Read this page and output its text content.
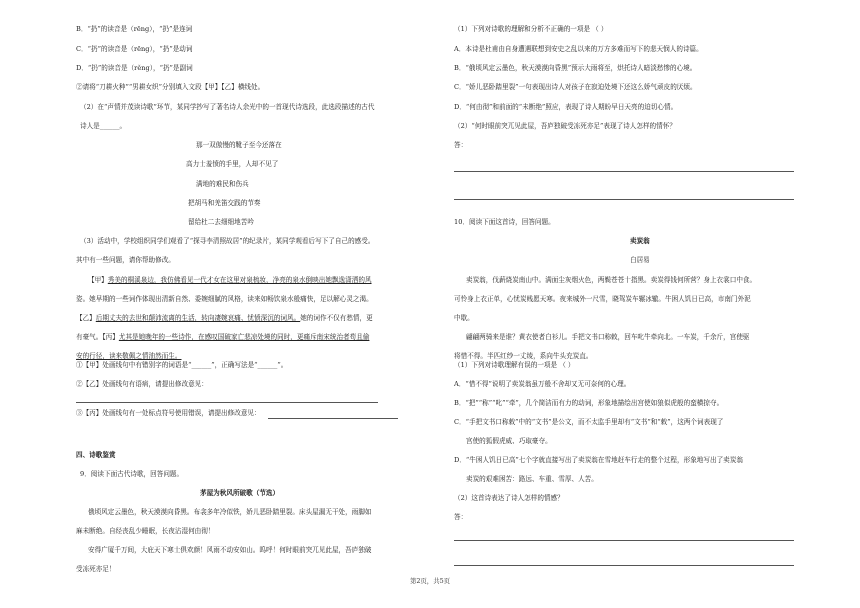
B．“扔”的读音是（rēng），“扔”是连词
C．“扔”的读音是（rēng），“扔”是动词
D．“扔”的读音是（rěng），“扔”是副词
②请将“刀耕火种”“男耕女织”分别填入文段【甲】【乙】横线处。
（2）在“声情并茂读诗歌”环节，某同学抄写了著名诗人余光中的一首现代诗选段，此选段描述的古代
诗人是______。
那一双傲慢的靴子至今还落在
高力士羞愤的手里，人却不见了
满地的难民和伤兵
把胡马和羌笛交践的节奏
留给杜二去细细地苦吟
（3）活动中，学校组织同学们观看了“探寻李清照故居”的纪录片，某同学观看后写下了自己的感受。
其中有一些问题，请你帮助修改。
【甲】秀美的桐溪泉边，我仿佛看见一代才女在这里对泉梳妆，净亮的泉水倒映出她飘逸潇洒的风
姿。她早期的一些词作体现出清新自然、委婉细腻的风格，读来如畅饮泉水般痛快，足以解心灵之渴。
【乙】后期丈夫的去世和颠沛流离的生活，转向凄婉哀痛、忧愤深沉的词风。她的词作不仅有愁情，更
有豪气。【丙】尤其是她晚年的一些诗作，在感叹国破家亡悲凉处境的同时，更痛斥南宋统治者苟且偷
安的行径，读来敬佩之情油然而生。
①【甲】处画线句中有错别字的词语是“______”，正确写法是“______”。
②【乙】处画线句有语病，请提出修改意见：
③【丙】处画线句有一处标点符号使用错误，请提出修改意见：
四、诗歌鉴赏
9．阅读下面古代诗歌，回答问题。
茅屋为秋风所破歌（节选）
俄顷风定云墨色，秋天漠漠向昏黑。布衾多年冷似铁，娇儿恶卧踏里裂。床头屋漏无干处，雨脚如
麻未断绝。自经丧乱少睡眠，长夜沾湿何由彻！
安得广厦千万间，大庇天下寒士俱欢颜！风雨不动安如山。呜呼！何时眼前突兀见此屋，吾庐独破
受冻死亦足！
（1）下列对诗歌的理解和分析不正确的一项是 （ ）
A．本诗是杜甫由自身遭遇联想到安史之乱以来的万方多难而写下的悲天悯人的诗篇。
B．“俄顷风定云墨色，秋天漠漠向昏黑”预示大雨将至，烘托诗人暗淡愁惨的心境。
C．“娇儿恶卧踏里裂”一句表现出诗人对孩子在寂迫处境下还这么娇气顽皮的厌烦。
D．“何由彻”和前面的“未断绝”照应，表现了诗人期盼早日天亮的迫切心情。
（2）“何时眼前突兀见此屋，吾庐独破受冻死亦足”表现了诗人怎样的情怀？
答：
10．阅读下面这首诗，回答问题。
卖炭翁
白居易
卖炭翁，伐薪烧炭南山中。满面尘灰烟火色，两鬓苍苍十指黑。卖炭得钱何所营？身上衣裳口中食。
可怜身上衣正单，心忧炭贱愿天寒。夜来城外一尺雪，晓驾炭车辗冰辙。牛困人饥日已高，市南门外泥
中歇。
翩翩两骑来是谁？黄衣使者白衫儿。手把文书口称敕，回车叱牛牵向北。一车炭，千余斤，宫使驱
将惜不得。半匹红纱一丈绫，系向牛头充炭直。
（1）下列对诗歌理解有误的一项是 （ ）
A．“惜不得”说明了卖炭翁虽万般不舍却又无可奈何的心理。
B．“把”“称”“叱”“牵”，几个简洁而有力的动词，形象地描绘出宫使如狼似虎般的蛮横掠夺。
C．“手把文书口称敕”中的“文书”是公文，而不太监手里却有“文书”和“敕”，这两个词表现了
宫使的狐假虎威、巧取豪夺。
D．“牛困人饥日已高”七个字就直接写出了卖炭翁在雪地赶车行走的整个过程，形象地写出了卖炭翁
卖炭的艰难困苦：路远、车重、雪厚、人苦。
（2）这首诗表达了诗人怎样的情感？
答：
第2页，共5页
